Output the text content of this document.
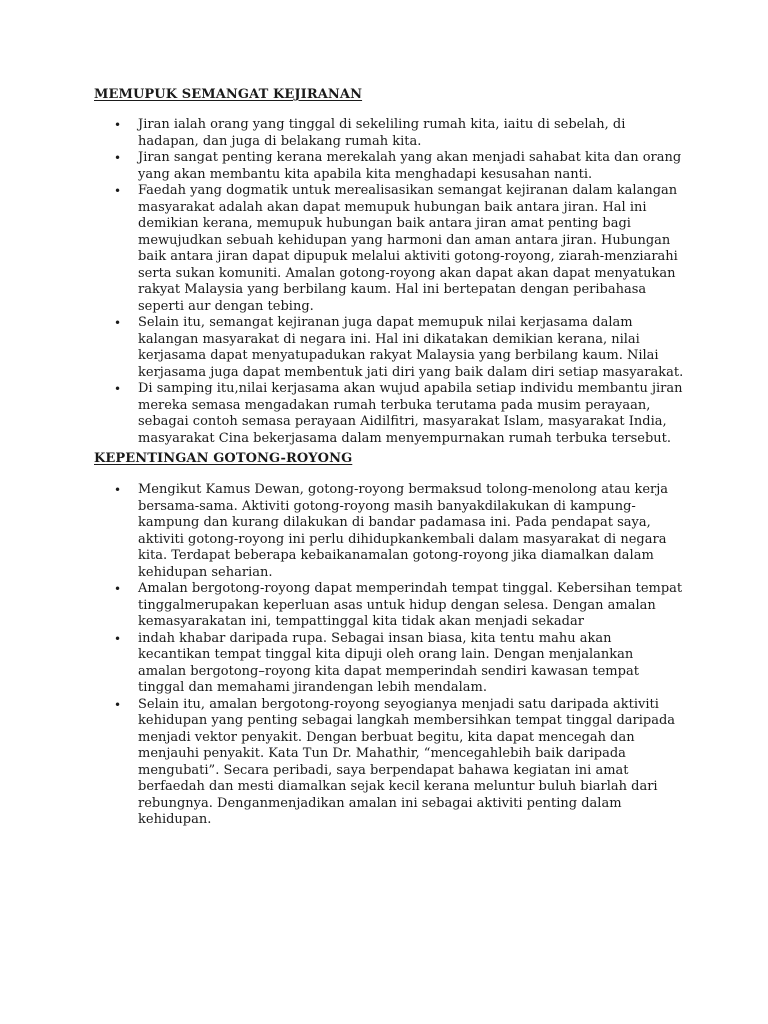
MEMUPUK SEMANGAT KEJIRANAN
• Jiran ialah orang yang tinggal di sekeliling rumah kita, iaitu di sebelah, di hadapan, dan juga di belakang rumah kita.
• Jiran sangat penting kerana merekalah yang akan menjadi sahabat kita dan orang yang akan membantu kita apabila kita menghadapi kesusahan nanti.
• Faedah yang dogmatik untuk merealisasikan semangat kejiranan dalam kalangan masyarakat adalah akan dapat memupuk hubungan baik antara jiran. Hal ini demikian kerana, memupuk hubungan baik antara jiran amat penting bagi mewujudkan sebuah kehidupan yang harmoni dan aman antara jiran. Hubungan baik antara jiran dapat dipupuk melalui aktiviti gotong-royong, ziarah-menziarahi serta sukan komuniti. Amalan gotong-royong akan dapat akan dapat menyatukan rakyat Malaysia yang berbilang kaum. Hal ini bertepatan dengan peribahasa seperti aur dengan tebing.
• Selain itu, semangat kejiranan juga dapat memupuk nilai kerjasama dalam kalangan masyarakat di negara ini. Hal ini dikatakan demikian kerana, nilai kerjasama dapat menyatupadukan rakyat Malaysia yang berbilang kaum. Nilai kerjasama juga dapat membentuk jati diri yang baik dalam diri setiap masyarakat.
• Di samping itu,nilai kerjasama akan wujud apabila setiap individu membantu jiran mereka semasa mengadakan rumah terbuka terutama pada musim perayaan, sebagai contoh semasa perayaan Aidilfitri, masyarakat Islam, masyarakat India, masyarakat Cina bekerjasama dalam menyempurnakan rumah terbuka tersebut.
KEPENTINGAN GOTONG-ROYONG
• Mengikut Kamus Dewan, gotong-royong bermaksud tolong-menolong atau kerja bersama-sama. Aktiviti gotong-royong masih banyakdilakukan di kampung-kampung dan kurang dilakukan di bandar padamasa ini. Pada pendapat saya, aktiviti gotong-royong ini perlu dihidupkankembali dalam masyarakat di negara kita. Terdapat beberapa kebaikanamalan gotong-royong jika diamalkan dalam kehidupan seharian.
• Amalan bergotong-royong dapat memperindah tempat tinggal. Kebersihan tempat tinggalmerupakan keperluan asas untuk hidup dengan selesa. Dengan amalan kemasyarakatan ini, tempattinggal kita tidak akan menjadi sekadar
• indah khabar daripada rupa. Sebagai insan biasa, kita tentu mahu akan kecantikan tempat tinggal kita dipuji oleh orang lain. Dengan menjalankan amalan bergotong–royong kita dapat memperindah sendiri kawasan tempat tinggal dan memahami jirandengan lebih mendalam.
• Selain itu, amalan bergotong-royong seyogianya menjadi satu daripada aktiviti kehidupan yang penting sebagai langkah membersihkan tempat tinggal daripada menjadi vektor penyakit. Dengan berbuat begitu, kita dapat mencegah dan menjauhi penyakit. Kata Tun Dr. Mahathir, “mencegahlebih baik daripada mengubati”. Secara peribadi, saya berpendapat bahawa kegiatan ini amat berfaedah dan mesti diamalkan sejak kecil kerana meluntur buluh biarlah dari rebungnya. Denganmenjadikan amalan ini sebagai aktiviti penting dalam kehidupan.
